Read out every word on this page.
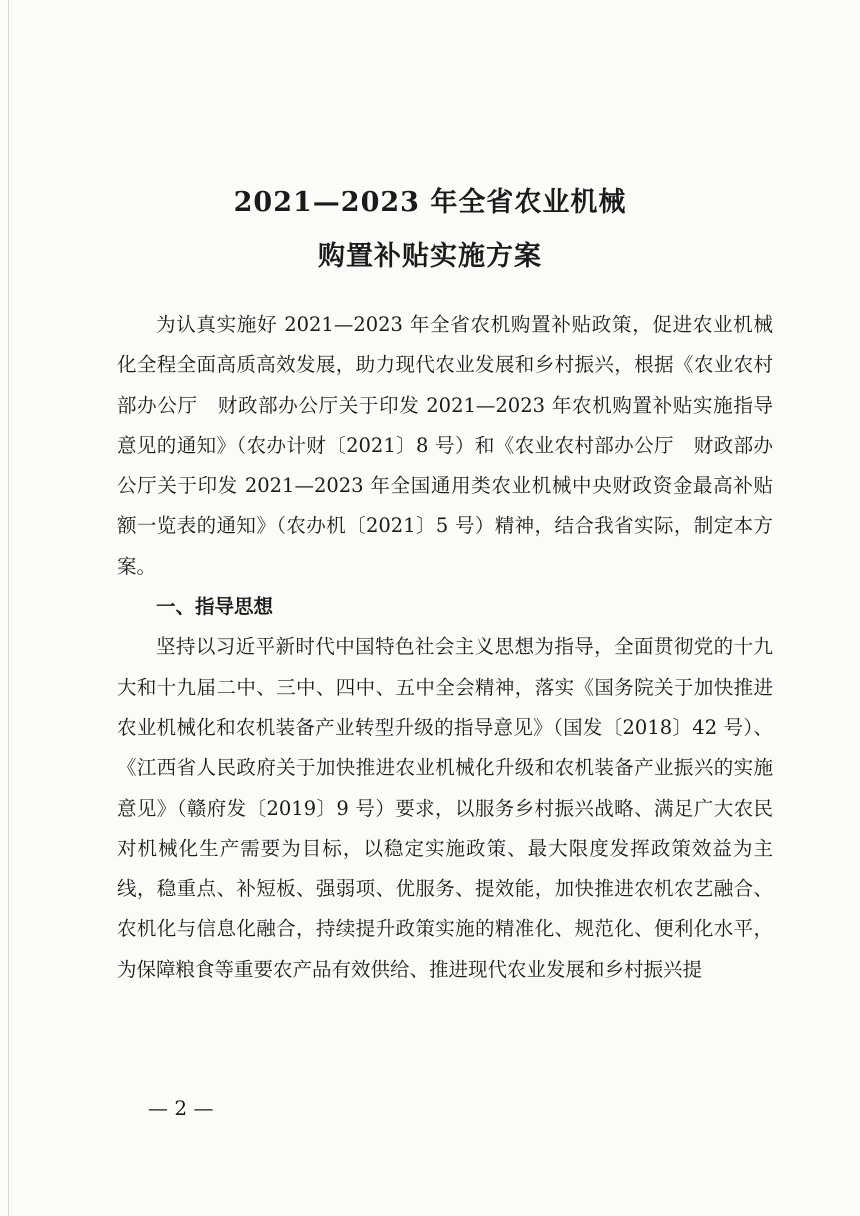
2021—2023 年全省农业机械
购置补贴实施方案

为认真实施好 2021—2023 年全省农机购置补贴政策，促进农业机械化全程全面高质高效发展，助力现代农业发展和乡村振兴，根据《农业农村部办公厅　财政部办公厅关于印发 2021—2023 年农机购置补贴实施指导意见的通知》（农办计财〔2021〕8 号）和《农业农村部办公厅　财政部办公厅关于印发 2021—2023 年全国通用类农业机械中央财政资金最高补贴额一览表的通知》（农办机〔2021〕5 号）精神，结合我省实际，制定本方案。

一、指导思想

坚持以习近平新时代中国特色社会主义思想为指导，全面贯彻党的十九大和十九届二中、三中、四中、五中全会精神，落实《国务院关于加快推进农业机械化和农机装备产业转型升级的指导意见》（国发〔2018〕42 号）、《江西省人民政府关于加快推进农业机械化升级和农机装备产业振兴的实施意见》（赣府发〔2019〕9 号）要求，以服务乡村振兴战略、满足广大农民对机械化生产需要为目标，以稳定实施政策、最大限度发挥政策效益为主线，稳重点、补短板、强弱项、优服务、提效能，加快推进农机农艺融合、农机化与信息化融合，持续提升政策实施的精准化、规范化、便利化水平，为保障粮食等重要农产品有效供给、推进现代农业发展和乡村振兴提

— 2 —
